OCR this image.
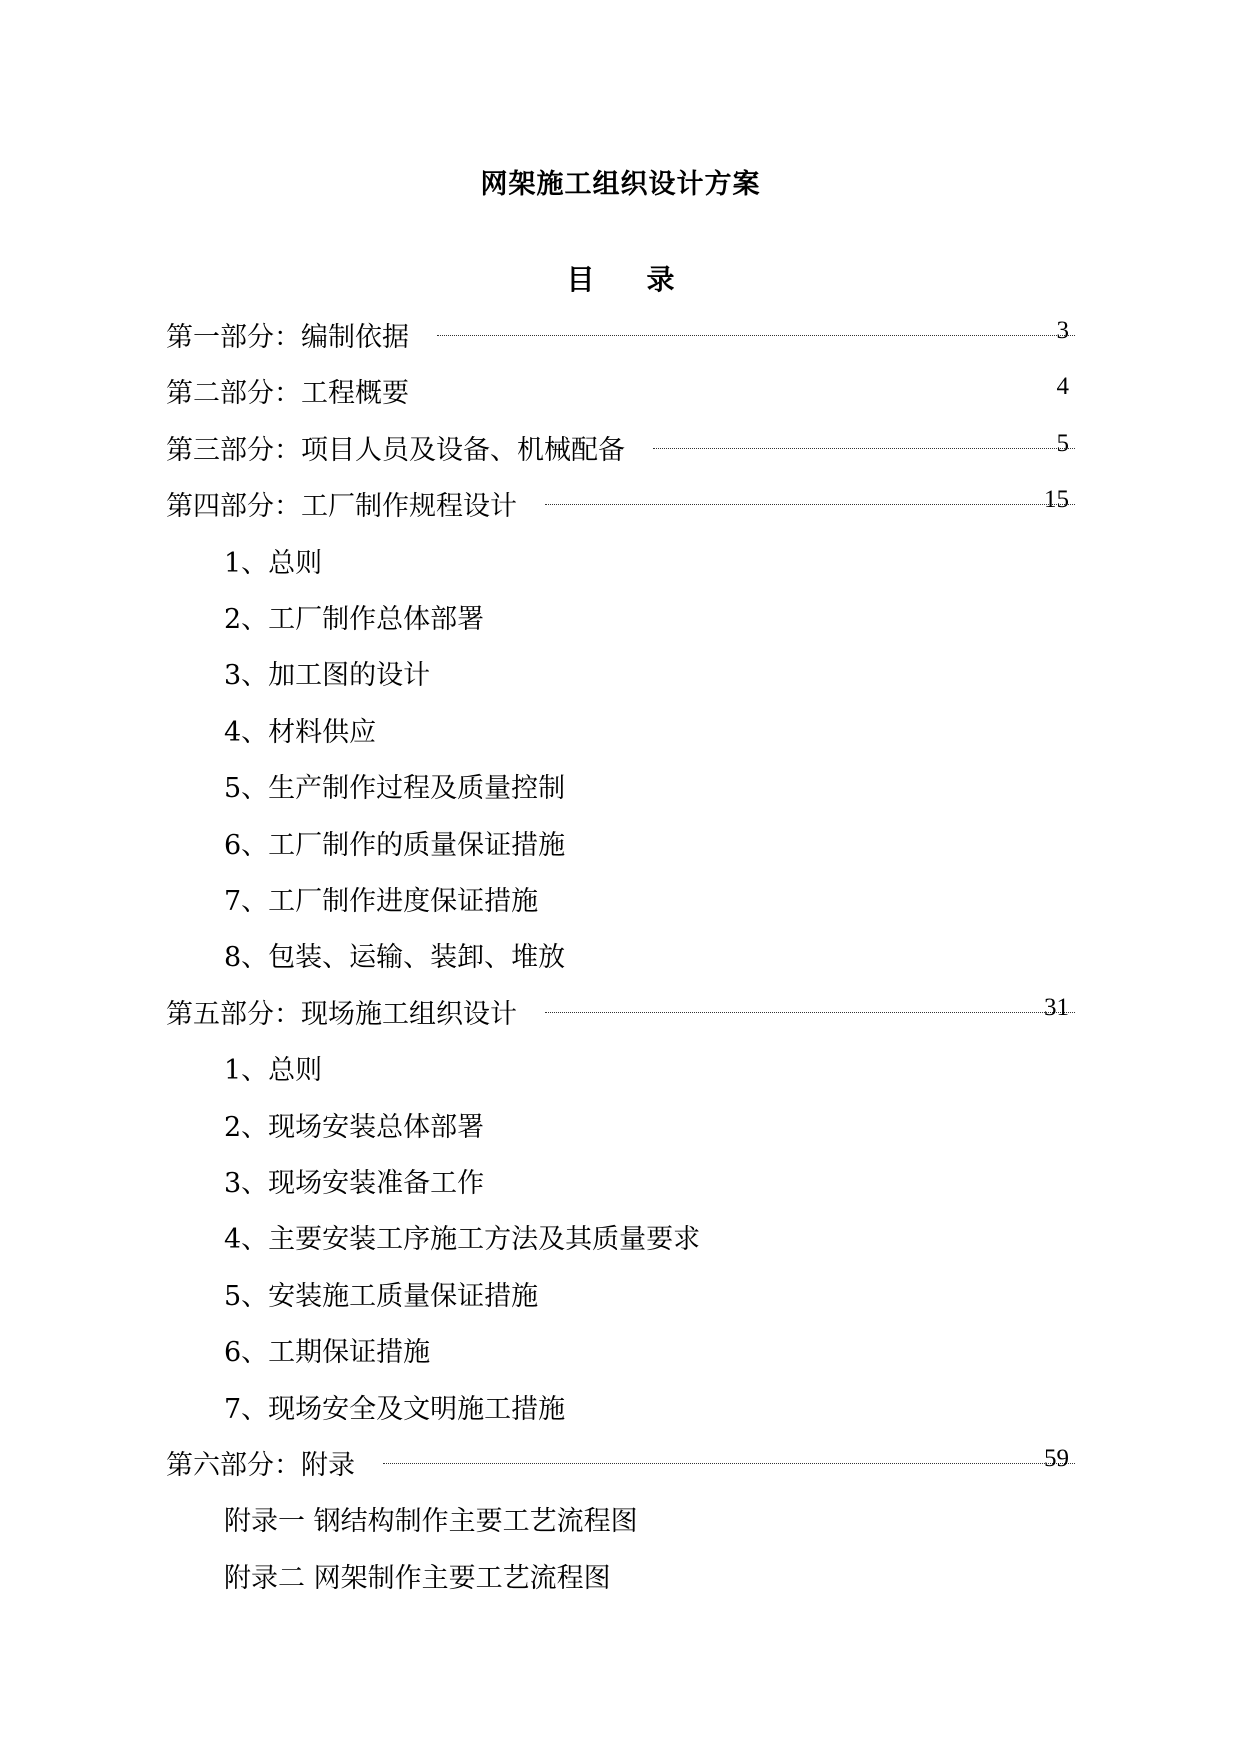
网架施工组织设计方案
目 录
第一部分：编制依据	3
第二部分：工程概要	4
第三部分：项目人员及设备、机械配备	5
第四部分：工厂制作规程设计	15
1、总则
2、工厂制作总体部署
3、加工图的设计
4、材料供应
5、生产制作过程及质量控制
6、工厂制作的质量保证措施
7、工厂制作进度保证措施
8、包装、运输、装卸、堆放
第五部分：现场施工组织设计	31
1、总则
2、现场安装总体部署
3、现场安装准备工作
4、主要安装工序施工方法及其质量要求
5、安装施工质量保证措施
6、工期保证措施
7、现场安全及文明施工措施
第六部分：附录	59
附录一 钢结构制作主要工艺流程图
附录二 网架制作主要工艺流程图
